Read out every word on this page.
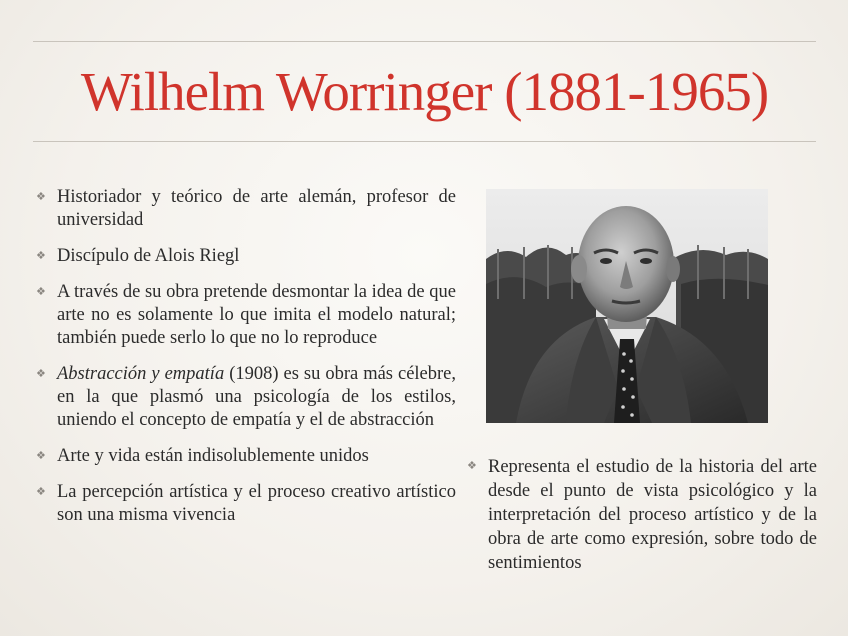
Wilhelm Worringer (1881-1965)
❖ Historiador y teórico de arte alemán, profesor de universidad
❖ Discípulo de Alois Riegl
❖ A través de su obra pretende desmontar la idea de que arte no es solamente lo que imita el modelo natural; también puede serlo lo que no lo reproduce
❖ Abstracción y empatía (1908) es su obra más célebre, en la que plasmó una psicología de los estilos, uniendo el concepto de empatía y el de abstracción
❖ Arte y vida están indisolublemente unidos
❖ La percepción artística y el proceso creativo artístico son una misma vivencia
❖ Representa el estudio de la historia del arte desde el punto de vista psicológico y la interpretación del proceso artístico y de la obra de arte como expresión, sobre todo de sentimientos
